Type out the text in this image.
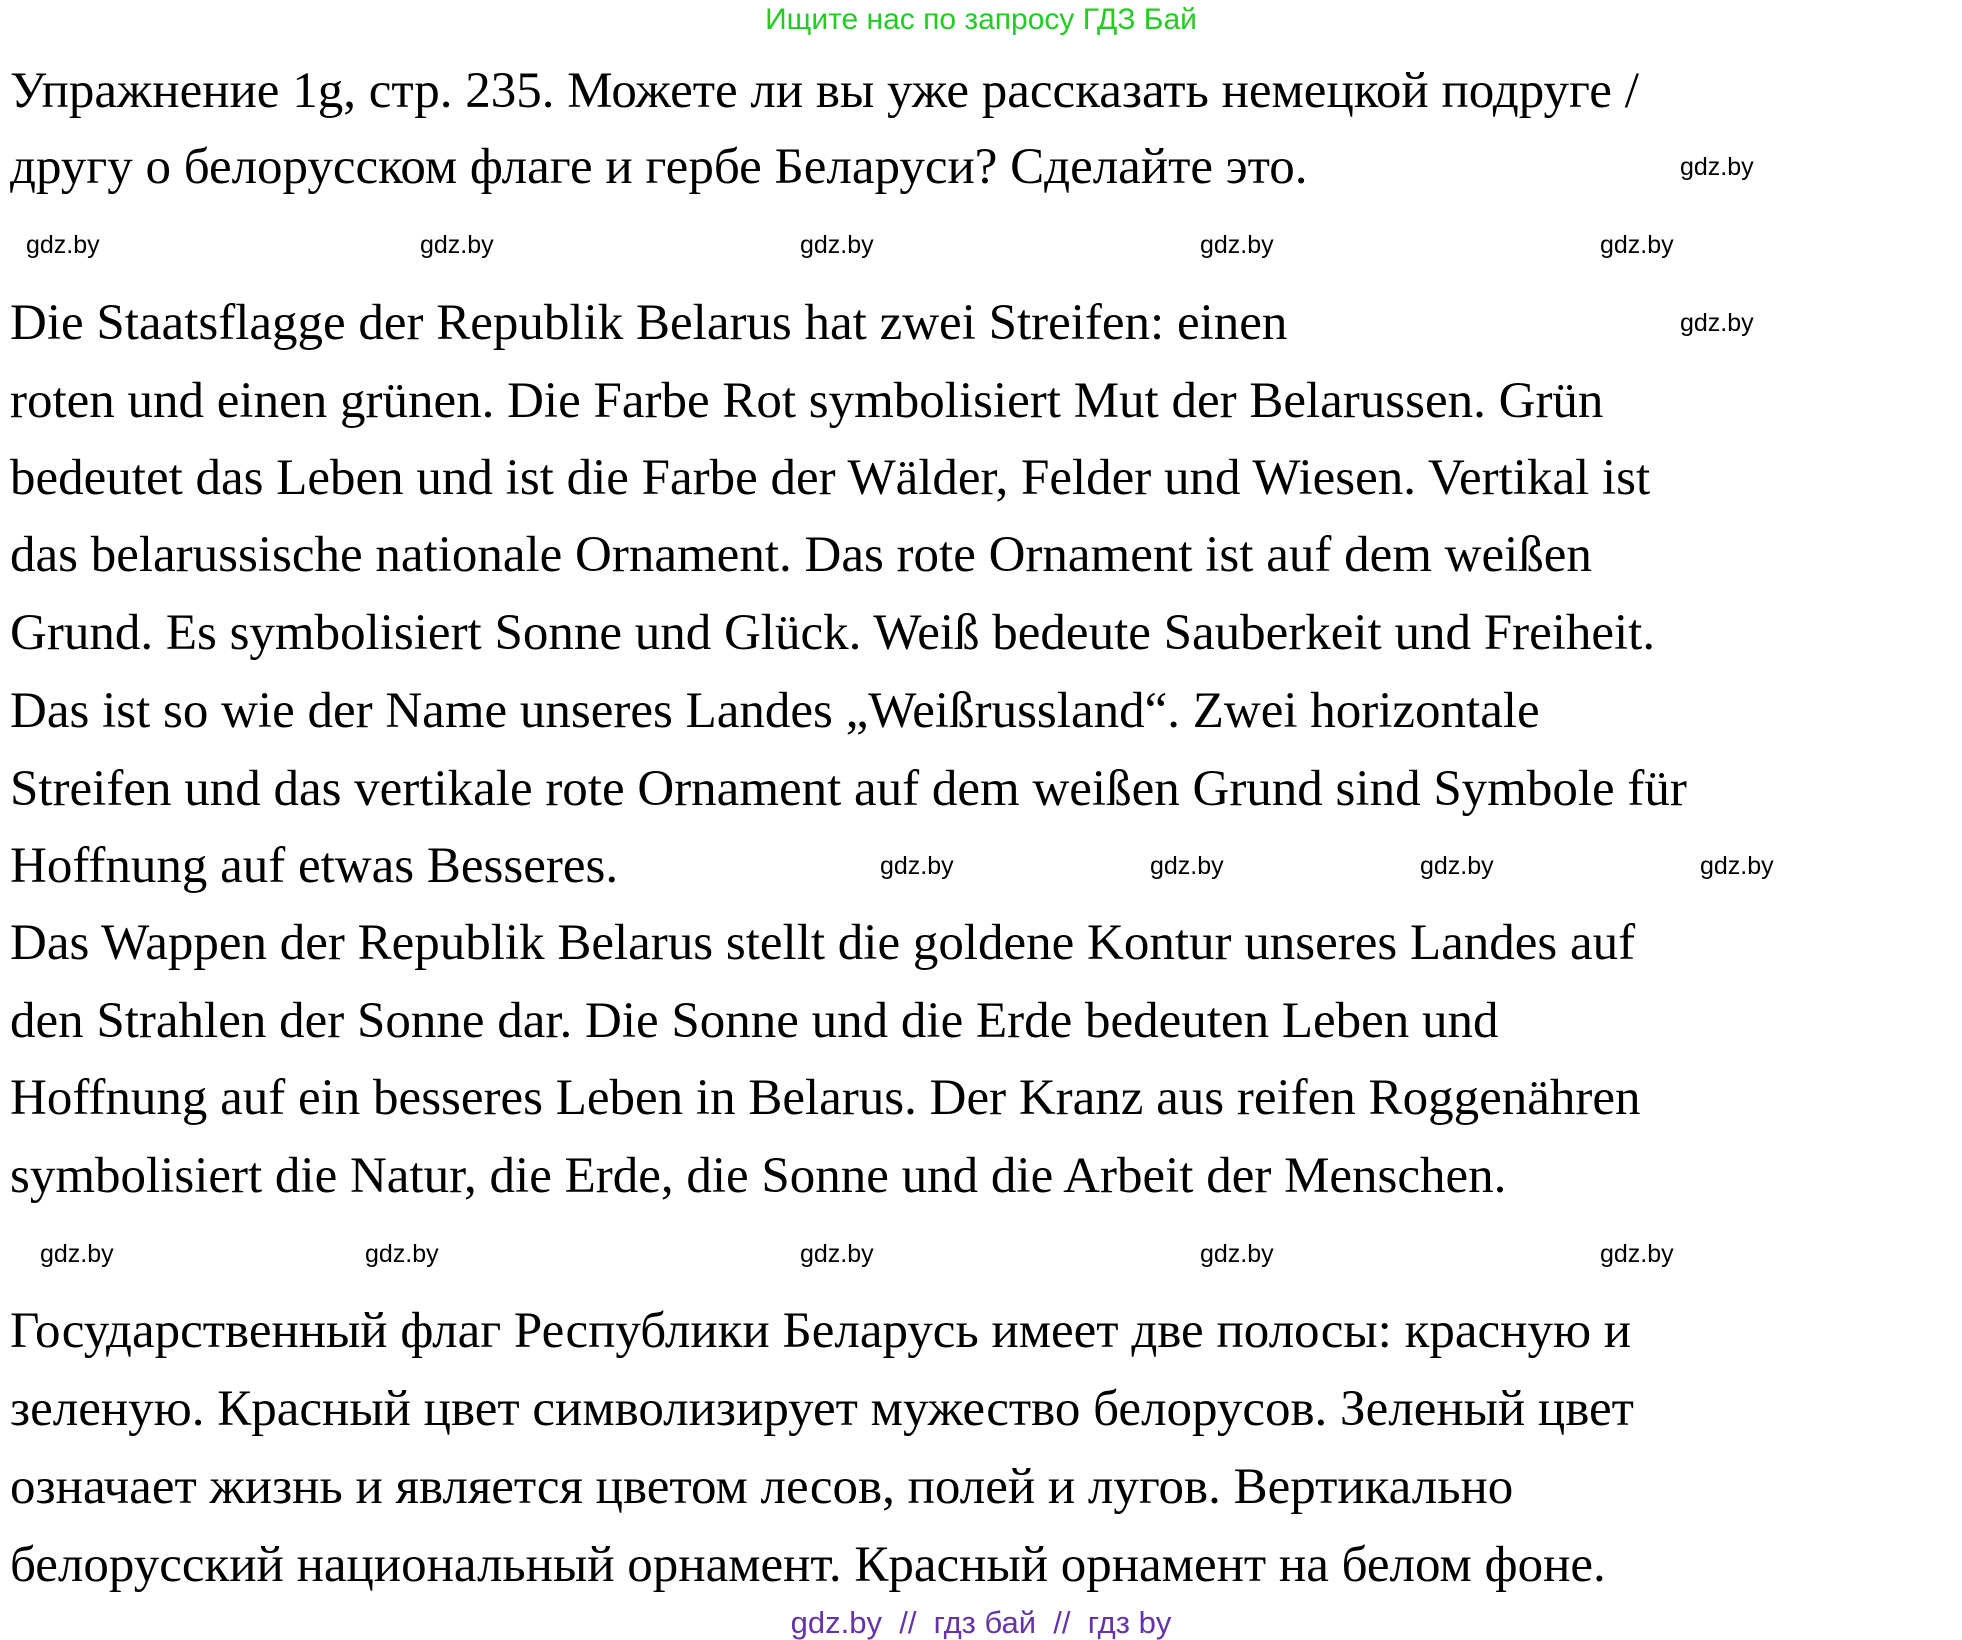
Ищите нас по запросу ГДЗ Бай
Упражнение 1g, стр. 235. Можете ли вы уже рассказать немецкой подруге /
другу о белорусском флаге и гербе Беларуси? Сделайте это.
Die Staatsflagge der Republik Belarus hat zwei Streifen: einen
roten und einen grünen. Die Farbe Rot symbolisiert Mut der Belarussen. Grün
bedeutet das Leben und ist die Farbe der Wälder, Felder und Wiesen. Vertikal ist
das belarussische nationale Ornament. Das rote Ornament ist auf dem weißen
Grund. Es symbolisiert Sonne und Glück. Weiß bedeute Sauberkeit und Freiheit.
Das ist so wie der Name unseres Landes „Weißrussland“. Zwei horizontale
Streifen und das vertikale rote Ornament auf dem weißen Grund sind Symbole für
Hoffnung auf etwas Besseres.
Das Wappen der Republik Belarus stellt die goldene Kontur unseres Landes auf
den Strahlen der Sonne dar. Die Sonne und die Erde bedeuten Leben und
Hoffnung auf ein besseres Leben in Belarus. Der Kranz aus reifen Roggenähren
symbolisiert die Natur, die Erde, die Sonne und die Arbeit der Menschen.
Государственный флаг Республики Беларусь имеет две полосы: красную и
зеленую. Красный цвет символизирует мужество белорусов. Зеленый цвет
означает жизнь и является цветом лесов, полей и лугов. Вертикально
белорусский национальный орнамент. Красный орнамент на белом фоне.
gdz.by	gdz.by	gdz.by	gdz.by	gdz.by
gdz.by
gdz.by
gdz.by	gdz.by	gdz.by	gdz.by
gdz.by	gdz.by	gdz.by	gdz.by	gdz.by
gdz.by  //  гдз бай  //  гдз by
